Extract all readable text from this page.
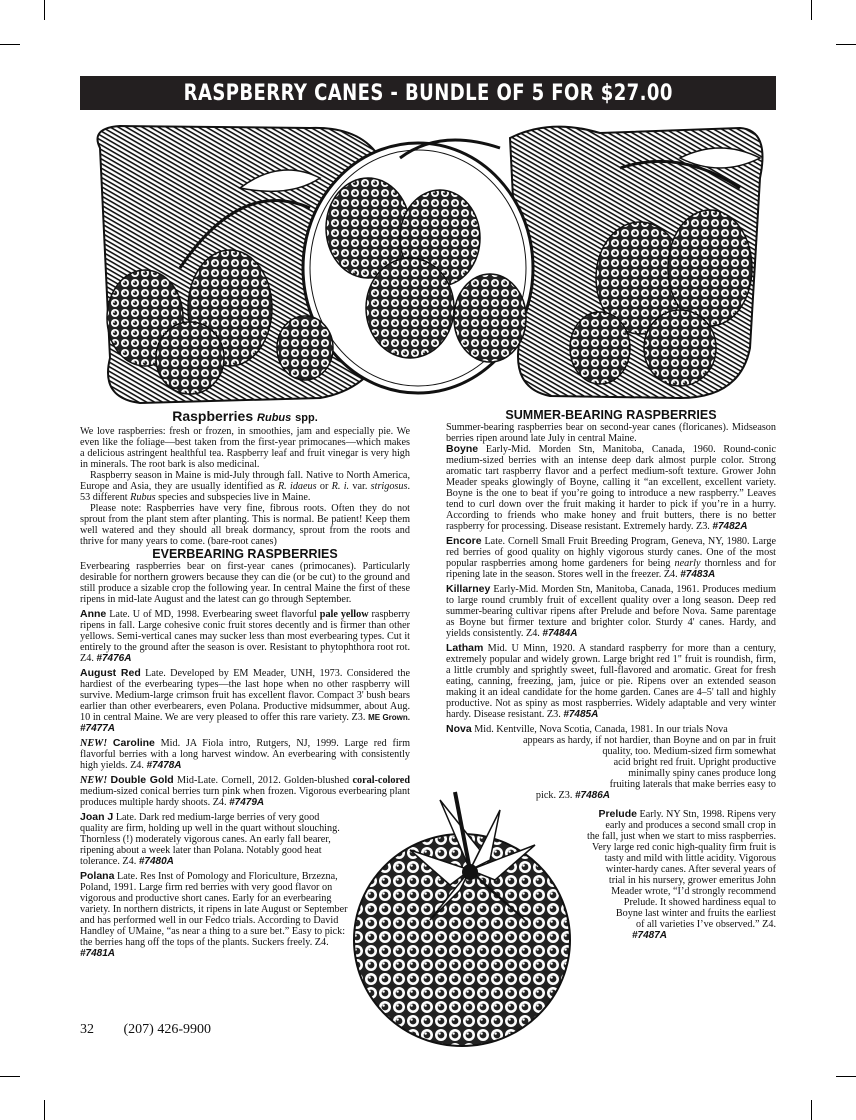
RASPBERRY CANES - BUNDLE OF 5 FOR $27.00

Raspberries Rubus spp.

We love raspberries: fresh or frozen, in smoothies, jam and especially pie. We even like the foliage—best taken from the first-year primocanes—which makes a delicious astringent healthful tea. Raspberry leaf and fruit vinegar is very high in minerals. The root bark is also medicinal.

Raspberry season in Maine is mid-July through fall. Native to North America, Europe and Asia, they are usually identified as R. idaeus or R. i. var. strigosus. 53 different Rubus species and subspecies live in Maine.

Please note: Raspberries have very fine, fibrous roots. Often they do not sprout from the plant stem after planting. This is normal. Be patient! Keep them well watered and they should all break dormancy, sprout from the roots and thrive for many years to come. (bare-root canes)

EVERBEARING RASPBERRIES

Everbearing raspberries bear on first-year canes (primocanes). Particularly desirable for northern growers because they can die (or be cut) to the ground and still produce a sizable crop the following year. In central Maine the first of these ripens in mid-late August and the latest can go through September.

Anne Late. U of MD, 1998. Everbearing sweet flavorful pale yellow raspberry ripens in fall. Large cohesive conic fruit stores decently and is firmer than other yellows. Semi-vertical canes may sucker less than most everbearing types. Cut it entirely to the ground after the season is over. Resistant to phytophthora root rot. Z4. #7476A

August Red Late. Developed by EM Meader, UNH, 1973. Considered the hardiest of the everbearing types—the last hope when no other raspberry will survive. Medium-large crimson fruit has excellent flavor. Compact 3' bush bears earlier than other everbearers, even Polana. Productive midsummer, about Aug. 10 in central Maine. We are very pleased to offer this rare variety. Z3. ME Grown. #7477A

NEW! Caroline Mid. JA Fiola intro, Rutgers, NJ, 1999. Large red firm flavorful berries with a long harvest window. An everbearing with consistently high yields. Z4. #7478A

NEW! Double Gold Mid-Late. Cornell, 2012. Golden-blushed coral-colored medium-sized conical berries turn pink when frozen. Vigorous everbearing plant produces multiple hardy shoots. Z4. #7479A

Joan J Late. Dark red medium-large berries of very good quality are firm, holding up well in the quart without slouching. Thornless (!) moderately vigorous canes. An early fall bearer, ripening about a week later than Polana. Notably good heat tolerance. Z4. #7480A

Polana Late. Res Inst of Pomology and Floriculture, Brzezna, Poland, 1991. Large firm red berries with very good flavor on vigorous and productive short canes. Early for an everbearing variety. In northern districts, it ripens in late August or September and has performed well in our Fedco trials. According to David Handley of UMaine, “as near a thing to a sure bet.” Easy to pick: the berries hang off the tops of the plants. Suckers freely. Z4. #7481A

SUMMER-BEARING RASPBERRIES

Summer-bearing raspberries bear on second-year canes (floricanes). Midseason berries ripen around late July in central Maine.

Boyne Early-Mid. Morden Stn, Manitoba, Canada, 1960. Round-conic medium-sized berries with an intense deep dark almost purple color. Strong aromatic tart raspberry flavor and a perfect medium-soft texture. Grower John Meader speaks glowingly of Boyne, calling it “an excellent, excellent variety. Boyne is the one to beat if you’re going to introduce a new raspberry.” Leaves tend to curl down over the fruit making it harder to pick if you’re in a hurry. According to friends who make honey and fruit butters, there is no better raspberry for processing. Disease resistant. Extremely hardy. Z3. #7482A

Encore Late. Cornell Small Fruit Breeding Program, Geneva, NY, 1980. Large red berries of good quality on highly vigorous sturdy canes. One of the most popular raspberries among home gardeners for being nearly thornless and for ripening late in the season. Stores well in the freezer. Z4. #7483A

Killarney Early-Mid. Morden Stn, Manitoba, Canada, 1961. Produces medium to large round crumbly fruit of excellent quality over a long season. Deep red summer-bearing cultivar ripens after Prelude and before Nova. Same parentage as Boyne but firmer texture and brighter color. Sturdy 4' canes. Hardy, and yields consistently. Z4. #7484A

Latham Mid. U Minn, 1920. A standard raspberry for more than a century, extremely popular and widely grown. Large bright red 1" fruit is roundish, firm, a little crumbly and sprightly sweet, full-flavored and aromatic. Great for fresh eating, canning, freezing, jam, juice or pie. Ripens over an extended season making it an ideal candidate for the home garden. Canes are 4–5' tall and highly productive. Not as spiny as most raspberries. Widely adaptable and very winter hardy. Disease resistant. Z3. #7485A

Nova Mid. Kentville, Nova Scotia, Canada, 1981. In our trials Nova
appears as hardy, if not hardier, than Boyne and on par in fruit
quality, too. Medium-sized firm somewhat
acid bright red fruit. Upright productive
minimally spiny canes produce long
fruiting laterals that make berries easy to
pick. Z3. #7486A
Prelude Early. NY Stn, 1998. Ripens very
early and produces a second small crop in
the fall, just when we start to miss raspberries.
Very large red conic high-quality firm fruit is
tasty and mild with little acidity. Vigorous
winter-hardy canes. After several years of
trial in his nursery, grower emeritus John
Meader wrote, “I’d strongly recommend
Prelude. It showed hardiness equal to
Boyne last winter and fruits the earliest
of all varieties I’ve observed.” Z4.
#7487A
32 (207) 426-9900
